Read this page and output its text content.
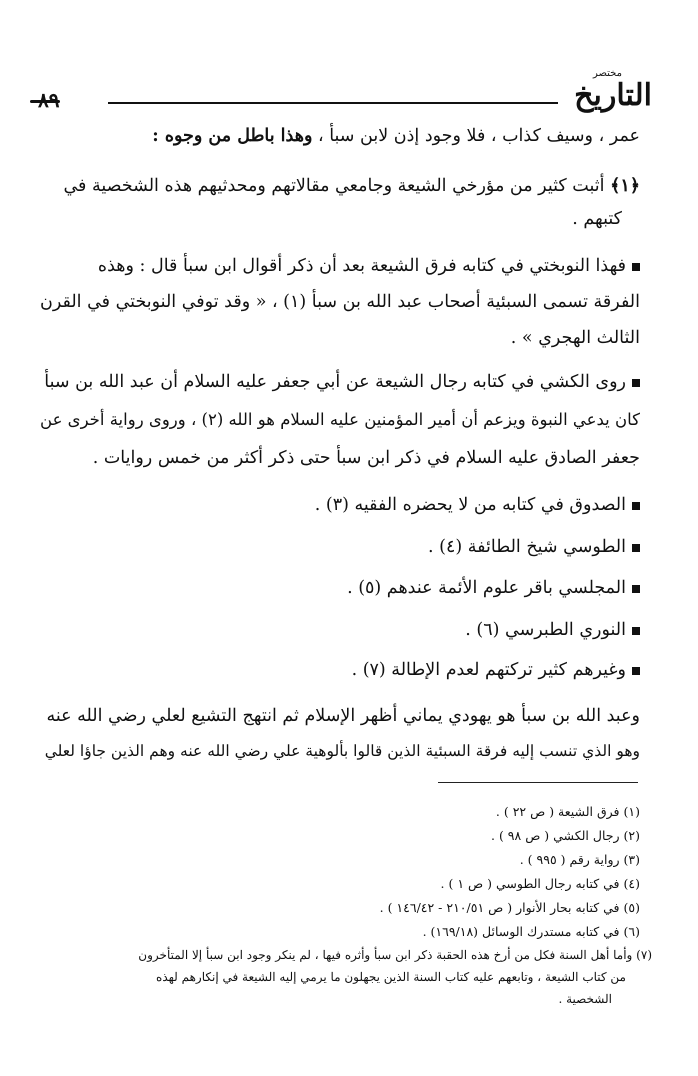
٨٩
مختصر
التاريخ
عمر ، وسيف كذاب ، فلا وجود إذن لابن سبأ ، وهذا باطل من وجوه :
﴿١﴾ أثبت كثير من مؤرخي الشيعة وجامعي مقالاتهم ومحدثيهم هذه الشخصية في
كتبهم .
فهذا النوبختي في كتابه فرق الشيعة بعد أن ذكر أقوال ابن سبأ قال : وهذه
الفرقة تسمى السبئية أصحاب عبد الله بن سبأ (١) ، « وقد توفي النوبختي في القرن
الثالث الهجري » .
روى الكشي في كتابه رجال الشيعة عن أبي جعفر عليه السلام أن عبد الله بن سبأ
كان يدعي النبوة ويزعم أن أمير المؤمنين عليه السلام هو الله (٢) ، وروى رواية أخرى عن
جعفر الصادق عليه السلام في ذكر ابن سبأ حتى ذكر أكثر من خمس روايات .
الصدوق في كتابه من لا يحضره الفقيه (٣) .
الطوسي شيخ الطائفة (٤) .
المجلسي باقر علوم الأئمة عندهم (٥) .
النوري الطبرسي (٦) .
وغيرهم كثير تركتهم لعدم الإطالة (٧) .
وعبد الله بن سبأ هو يهودي يماني أظهر الإسلام ثم انتهج التشيع لعلي رضي الله عنه
وهو الذي تنسب إليه فرقة السبئية الذين قالوا بألوهية علي رضي الله عنه وهم الذين جاؤا لعلي
(١) فرق الشيعة ( ص ٢٢ ) .
(٢) رجال الكشي ( ص ٩٨ ) .
(٣) رواية رقم ( ٩٩٥ ) .
(٤) في كتابه رجال الطوسي ( ص ١ ) .
(٥) في كتابه بحار الأنوار ( ص ٢١٠/٥١ - ١٤٦/٤٢ ) .
(٦) في كتابه مستدرك الوسائل (١٦٩/١٨) .
(٧) وأما أهل السنة فكل من أرخ هذه الحقبة ذكر ابن سبأ وأثره فيها ، لم ينكر وجود ابن سبأ إلا المتأخرون
من كتاب الشيعة ، وتابعهم عليه كتاب السنة الذين يجهلون ما يرمي إليه الشيعة في إنكارهم لهذه
الشخصية .
